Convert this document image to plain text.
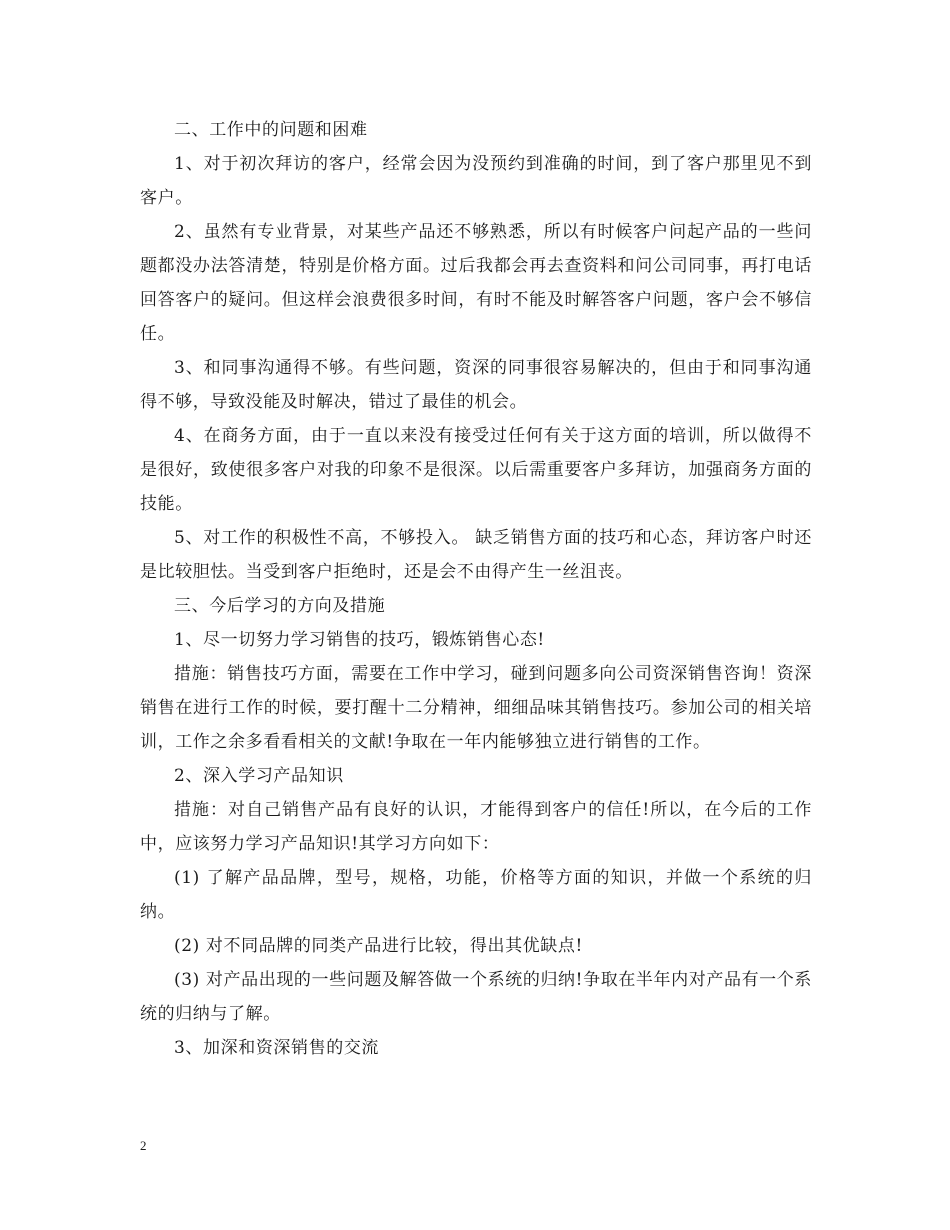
二、工作中的问题和困难

1、对于初次拜访的客户，经常会因为没预约到准确的时间，到了客户那里见不到客户。

2、虽然有专业背景，对某些产品还不够熟悉，所以有时候客户问起产品的一些问题都没办法答清楚，特别是价格方面。过后我都会再去查资料和问公司同事，再打电话回答客户的疑问。但这样会浪费很多时间，有时不能及时解答客户问题，客户会不够信任。

3、和同事沟通得不够。有些问题，资深的同事很容易解决的，但由于和同事沟通得不够，导致没能及时解决，错过了最佳的机会。

4、在商务方面，由于一直以来没有接受过任何有关于这方面的培训，所以做得不是很好，致使很多客户对我的印象不是很深。以后需重要客户多拜访，加强商务方面的技能。

5、对工作的积极性不高，不够投入。 缺乏销售方面的技巧和心态，拜访客户时还是比较胆怯。当受到客户拒绝时，还是会不由得产生一丝沮丧。

三、今后学习的方向及措施

1、尽一切努力学习销售的技巧，锻炼销售心态!

措施：销售技巧方面，需要在工作中学习，碰到问题多向公司资深销售咨询！资深销售在进行工作的时候，要打醒十二分精神，细细品味其销售技巧。参加公司的相关培训，工作之余多看看相关的文献!争取在一年内能够独立进行销售的工作。

2、深入学习产品知识

措施：对自己销售产品有良好的认识，才能得到客户的信任!所以，在今后的工作中，应该努力学习产品知识!其学习方向如下：

(1) 了解产品品牌，型号，规格，功能，价格等方面的知识，并做一个系统的归纳。

(2) 对不同品牌的同类产品进行比较，得出其优缺点!

(3) 对产品出现的一些问题及解答做一个系统的归纳!争取在半年内对产品有一个系统的归纳与了解。

3、加深和资深销售的交流

2
